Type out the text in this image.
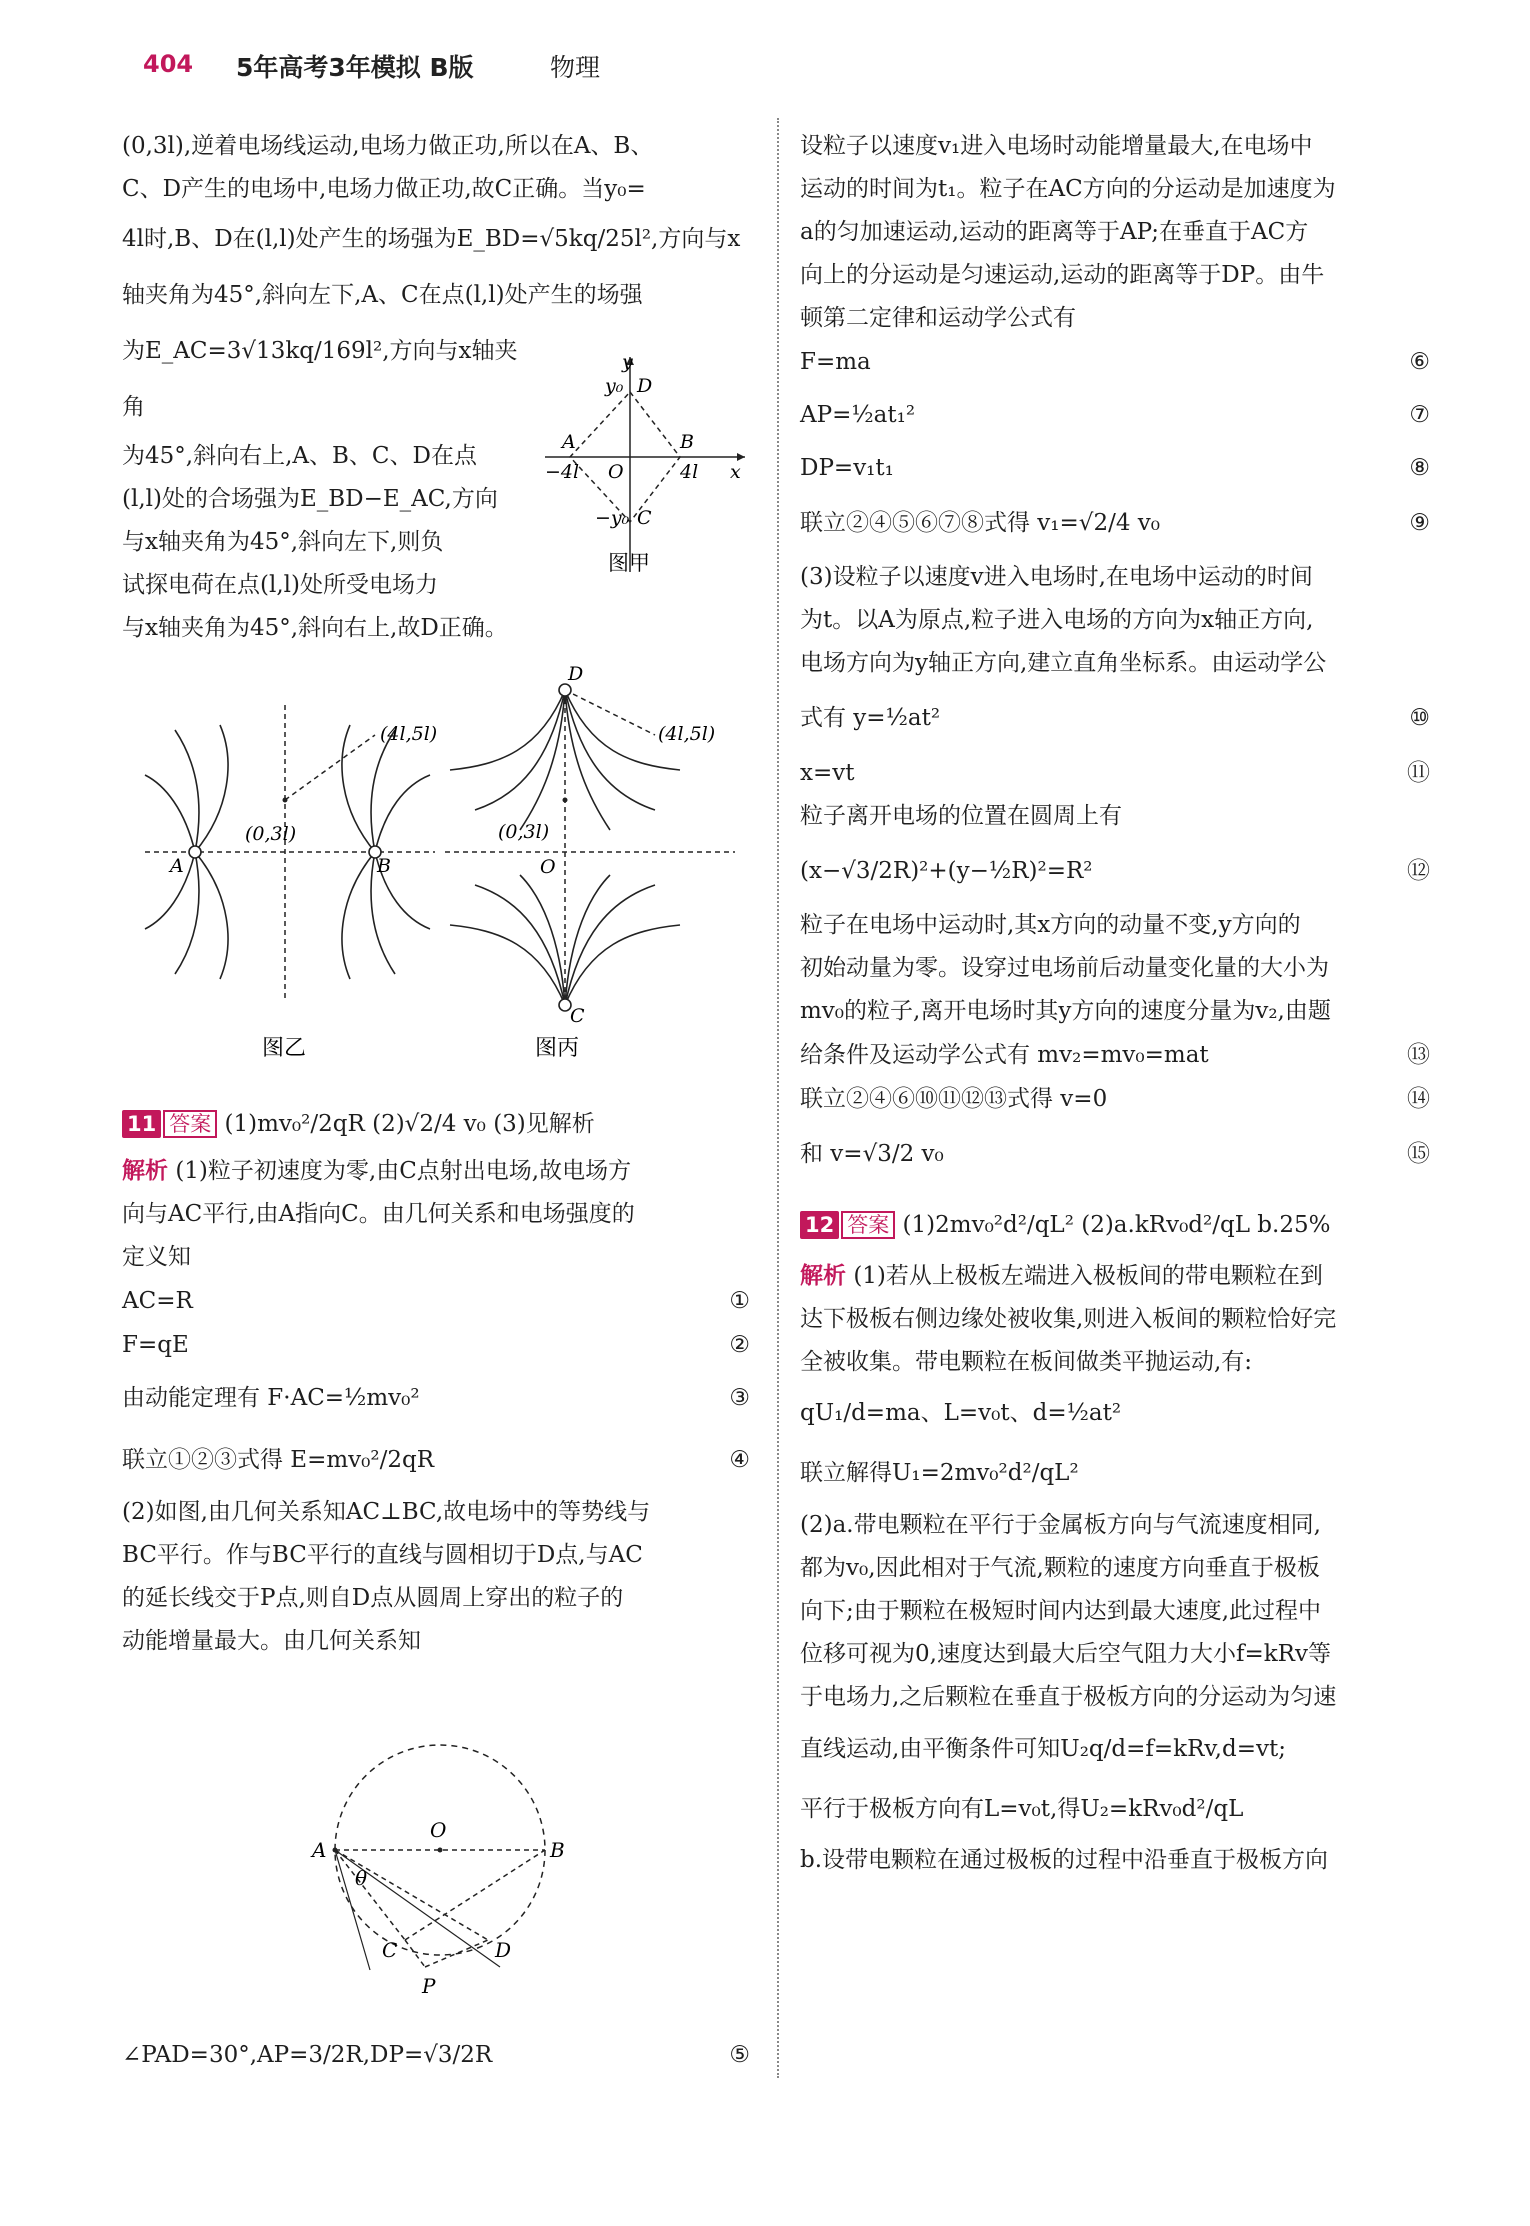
404 5年高考3年模拟 B版	物理

(0,3l),逆着电场线运动,电场力做正功,所以在A、B、

C、D产生的电场中,电场力做正功,故C正确。当y₀=

4l时,B、D在(l,l)处产生的场强为E_BD=√5kq/25l²,方向与x

轴夹角为45°,斜向左下,A、C在点(l,l)处产生的场强

为E_AC=3√13kq/169l²,方向与x轴夹角

为45°,斜向右上,A、B、C、D在点

(l,l)处的合场强为E_BD−E_AC,方向

与x轴夹角为45°,斜向左下,则负

试探电荷在点(l,l)处所受电场力

与x轴夹角为45°,斜向右上,故D正确。

y
y₀ D
A	B
−4l O	4l x
−y₀ C
图甲
(4l,5l)
(0,3l)
A	B
图乙
D
(4l,5l)
(0,3l)
O
C
图丙

11 答案 (1)mv₀²/2qR (2)√2/4 v₀ (3)见解析

解析 (1)粒子初速度为零,由C点射出电场,故电场方

向与AC平行,由A指向C。由几何关系和电场强度的

定义知

AC=R	①
F=qE	②
由动能定理有 F·AC=½mv₀²	③
联立①②③式得 E=mv₀²/2qR	④

(2)如图,由几何关系知AC⊥BC,故电场中的等势线与

BC平行。作与BC平行的直线与圆相切于D点,与AC

的延长线交于P点,则自D点从圆周上穿出的粒子的

动能增量最大。由几何关系知

O
A	B
θ
C	D
P
∠PAD=30°,AP=3/2R,DP=√3/2R	⑤

设粒子以速度v₁进入电场时动能增量最大,在电场中

运动的时间为t₁。粒子在AC方向的分运动是加速度为

a的匀加速运动,运动的距离等于AP;在垂直于AC方

向上的分运动是匀速运动,运动的距离等于DP。由牛

顿第二定律和运动学公式有

F=ma	⑥
AP=½at₁²	⑦
DP=v₁t₁	⑧
联立②④⑤⑥⑦⑧式得 v₁=√2/4 v₀	⑨

(3)设粒子以速度v进入电场时,在电场中运动的时间

为t。以A为原点,粒子进入电场的方向为x轴正方向,

电场方向为y轴正方向,建立直角坐标系。由运动学公

式有 y=½at²	⑩
x=vt	⑪

粒子离开电场的位置在圆周上有

(x−√3/2R)²+(y−½R)²=R²	⑫

粒子在电场中运动时,其x方向的动量不变,y方向的

初始动量为零。设穿过电场前后动量变化量的大小为

mv₀的粒子,离开电场时其y方向的速度分量为v₂,由题

给条件及运动学公式有 mv₂=mv₀=mat	⑬
联立②④⑥⑩⑪⑫⑬式得 v=0	⑭
和 v=√3/2 v₀	⑮

12 答案 (1)2mv₀²d²/qL² (2)a.kRv₀d²/qL b.25%

解析 (1)若从上极板左端进入极板间的带电颗粒在到

达下极板右侧边缘处被收集,则进入板间的颗粒恰好完

全被收集。带电颗粒在板间做类平抛运动,有:

qU₁/d=ma、L=v₀t、d=½at²

联立解得U₁=2mv₀²d²/qL²

(2)a.带电颗粒在平行于金属板方向与气流速度相同,

都为v₀,因此相对于气流,颗粒的速度方向垂直于极板

向下;由于颗粒在极短时间内达到最大速度,此过程中

位移可视为0,速度达到最大后空气阻力大小f=kRv等

于电场力,之后颗粒在垂直于极板方向的分运动为匀速

直线运动,由平衡条件可知U₂q/d=f=kRv,d=vt;

平行于极板方向有L=v₀t,得U₂=kRv₀d²/qL

b.设带电颗粒在通过极板的过程中沿垂直于极板方向
